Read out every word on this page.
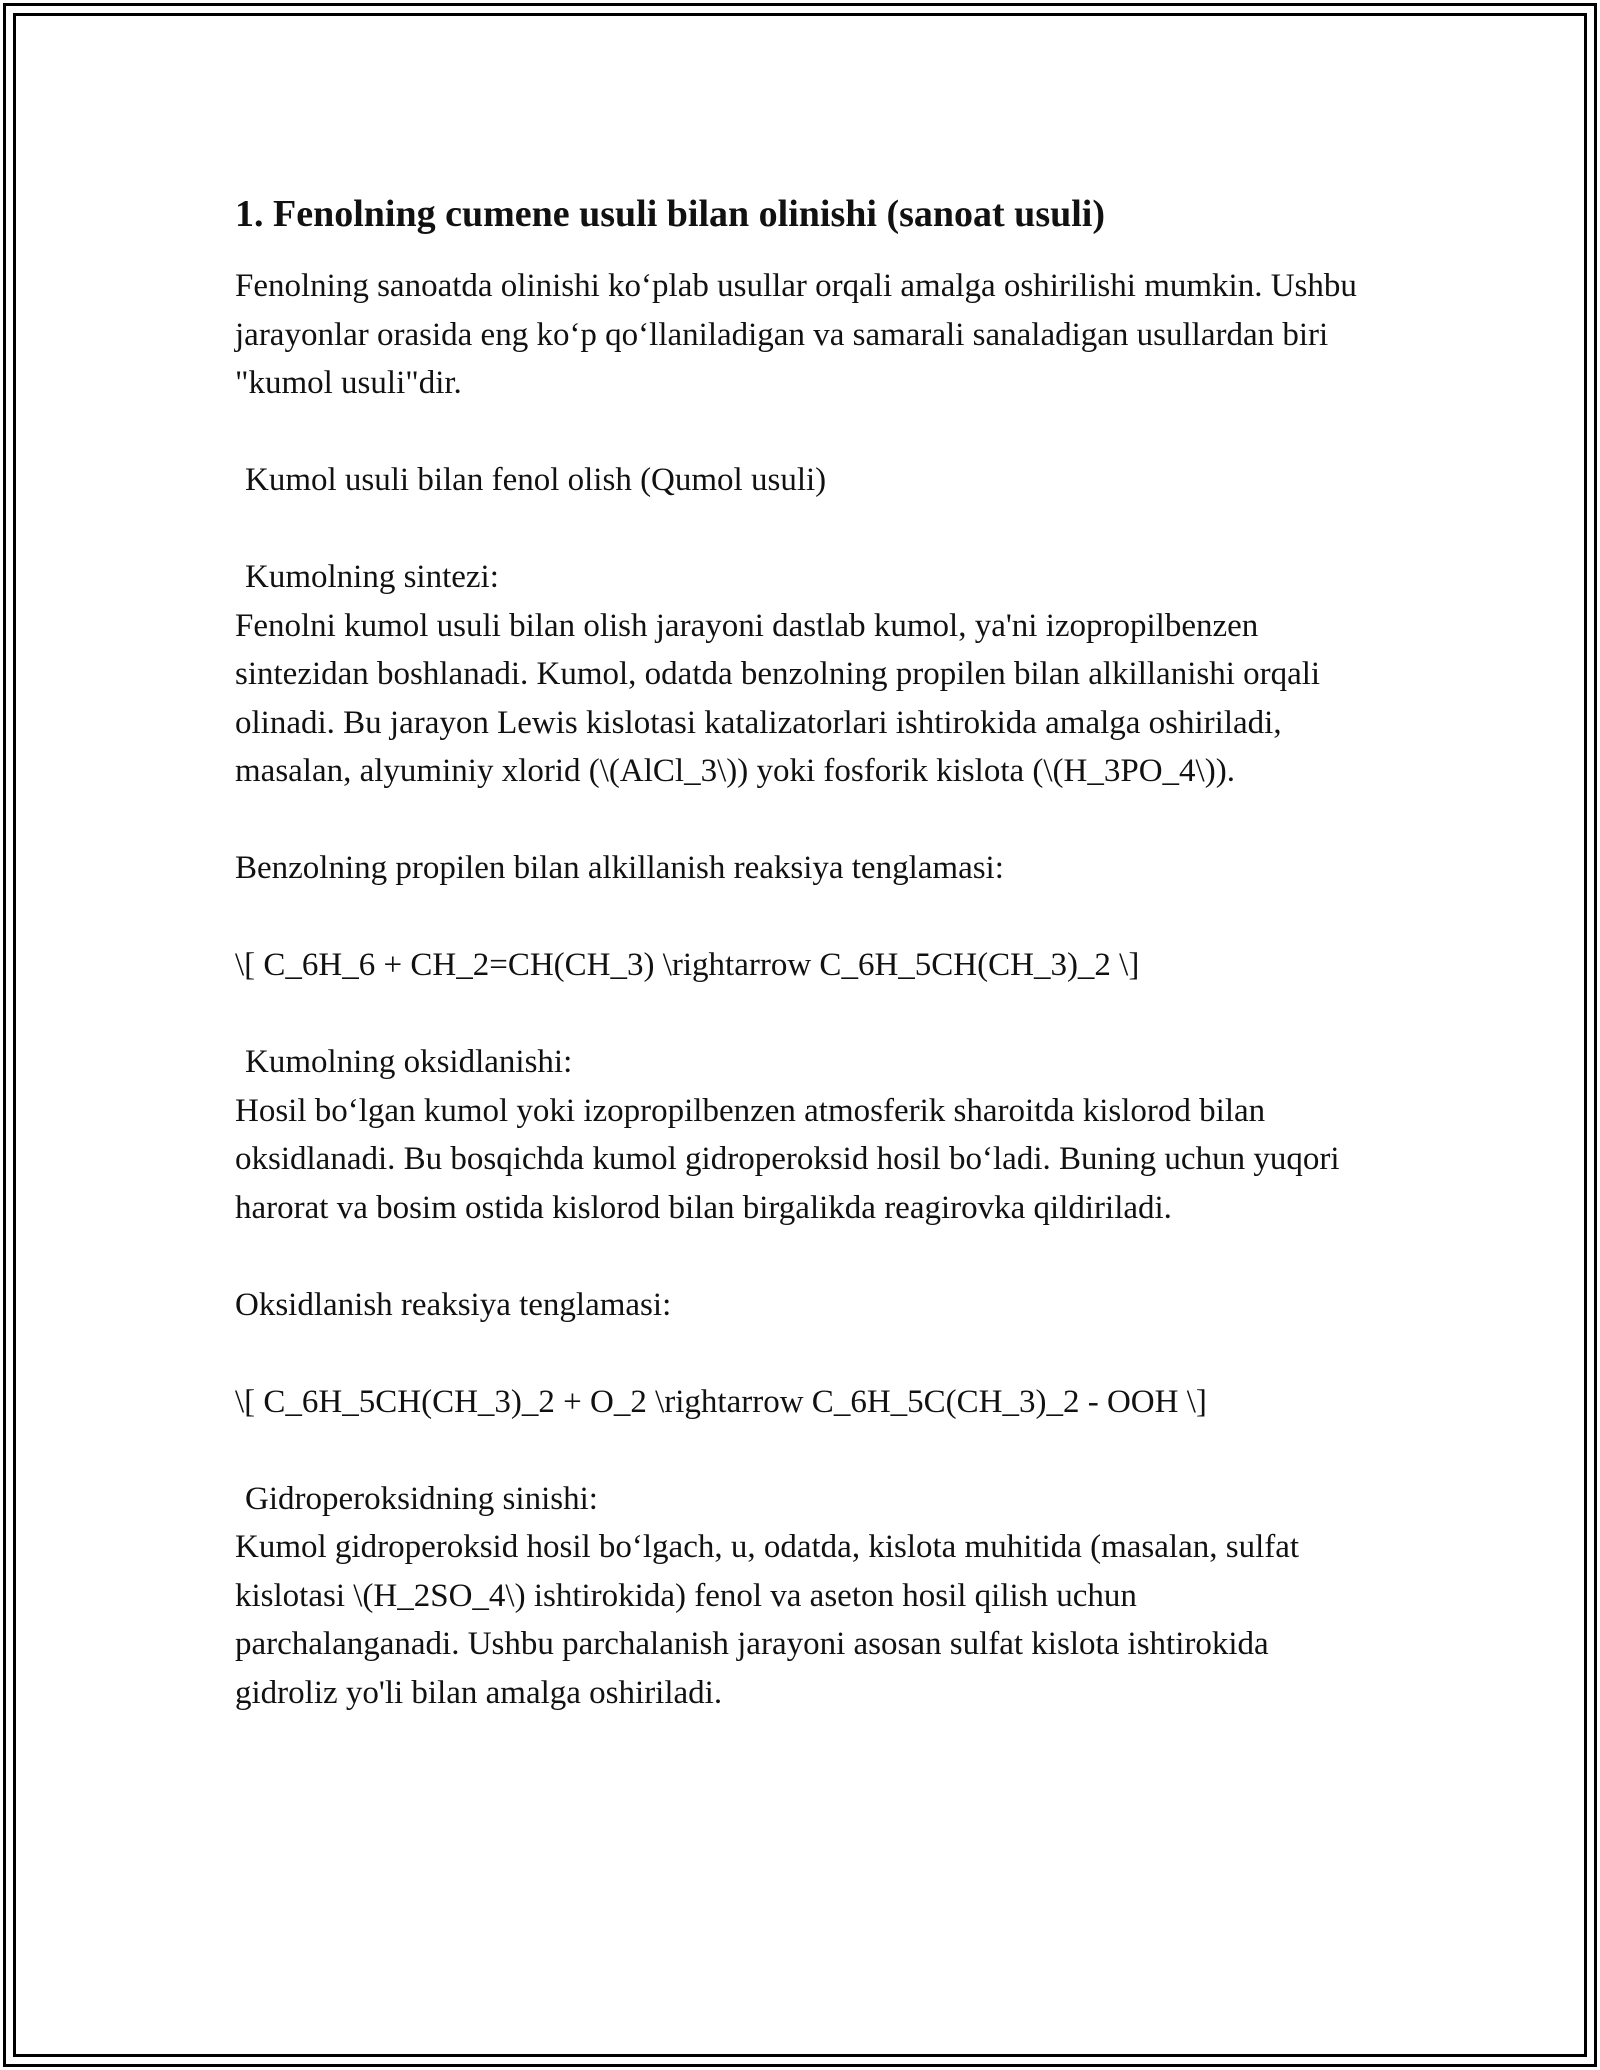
1. Fenolning cumene usuli bilan olinishi (sanoat usuli)

Fenolning sanoatda olinishi ko‘plab usullar orqali amalga oshirilishi mumkin. Ushbu jarayonlar orasida eng ko‘p qo‘llaniladigan va samarali sanaladigan usullardan biri "kumol usuli"dir.

Kumol usuli bilan fenol olish (Qumol usuli)

Kumolning sintezi:

Fenolni kumol usuli bilan olish jarayoni dastlab kumol, ya'ni izopropilbenzen sintezidan boshlanadi. Kumol, odatda benzolning propilen bilan alkillanishi orqali olinadi. Bu jarayon Lewis kislotasi katalizatorlari ishtirokida amalga oshiriladi, masalan, alyuminiy xlorid (\(AlCl_3\)) yoki fosforik kislota (\(H_3PO_4\)).

Benzolning propilen bilan alkillanish reaksiya tenglamasi:

\[ C_6H_6 + CH_2=CH(CH_3) \rightarrow C_6H_5CH(CH_3)_2 \]

Kumolning oksidlanishi:

Hosil bo‘lgan kumol yoki izopropilbenzen atmosferik sharoitda kislorod bilan oksidlanadi. Bu bosqichda kumol gidroperoksid hosil bo‘ladi. Buning uchun yuqori harorat va bosim ostida kislorod bilan birgalikda reagirovka qildiriladi.

Oksidlanish reaksiya tenglamasi:

\[ C_6H_5CH(CH_3)_2 + O_2 \rightarrow C_6H_5C(CH_3)_2 - OOH \]

Gidroperoksidning sinishi:

Kumol gidroperoksid hosil bo‘lgach, u, odatda, kislota muhitida (masalan, sulfat kislotasi \(H_2SO_4\) ishtirokida) fenol va aseton hosil qilish uchun parchalanganadi. Ushbu parchalanish jarayoni asosan sulfat kislota ishtirokida gidroliz yo'li bilan amalga oshiriladi.
